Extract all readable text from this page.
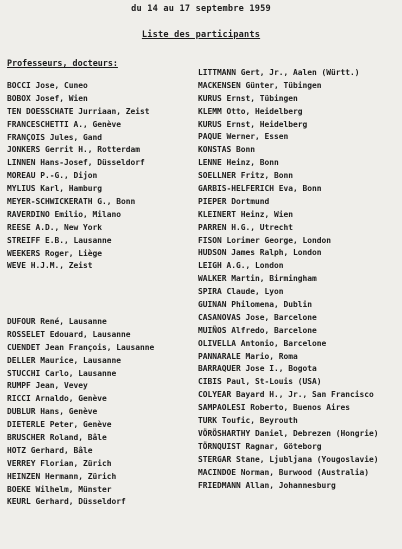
du 14 au 17 septembre 1959
Liste des participants
Professeurs, docteurs:
BOCCI Jose, Cuneo
BOBOX Josef, Wien
TEN DOESSCHATE Jurriaan, Zeist
FRANCESCHETTI A., Genève
FRANÇOIS Jules, Gand
JONKERS Gerrit H., Rotterdam
LINNEN Hans-Josef, Düsseldorf
MOREAU P.-G., Dijon
MYLIUS Karl, Hamburg
MEYER-SCHWICKERATH G., Bonn
RAVERDINO Emilio, Milano
REESE A.D., New York
STREIFF E.B., Lausanne
WEEKERS Roger, Liège
WEVE H.J.M., Zeist
DUFOUR René, Lausanne
ROSSELET Edouard, Lausanne
CUENDET Jean François, Lausanne
DELLER Maurice, Lausanne
STUCCHI Carlo, Lausanne
RUMPF Jean, Vevey
RICCI Arnaldo, Genève
DUBLUR Hans, Genève
DIETERLE Peter, Genève
BRUSCHER Roland, Bâle
HOTZ Gerhard, Bâle
VERREY Florian, Zürich
HEINZEN Hermann, Zürich
BOEKE Wilhelm, Münster
KEURL Gerhard, Düsseldorf
LITTMANN Gert, Jr., Aalen (Württ.)
MACKENSEN Günter, Tübingen
KURUS Ernst, Tübingen
KLEMM Otto, Heidelberg
KURUS Ernst, Heidelberg
PAQUE Werner, Essen
KONSTAS Bonn
LENNE Heinz, Bonn
SOELLNER Fritz, Bonn
GARBIS-HELFERICH Eva, Bonn
PIEPER Dortmund
KLEINERT Heinz, Wien
PARREN H.G., Utrecht
FISON Lorimer George, London
HUDSON James Ralph, London
LEIGH A.G., London
WALKER Martin, Birmingham
SPIRA Claude, Lyon
GUINAN Philomena, Dublin
CASANOVAS Jose, Barcelone
MUIÑOS Alfredo, Barcelone
OLIVELLA Antonio, Barcelone
PANNARALE Mario, Roma
BARRAQUER Jose I., Bogota
CIBIS Paul, St-Louis (USA)
COLYEAR Bayard H., Jr., San Francisco
SAMPAOLESI Roberto, Buenos Aires
TURK Toufic, Beyrouth
VÖRÖSHARTHY Daniel, Debrezen (Hongrie)
TÖRNQUIST Ragnar, Göteborg
STERGAR Stane, Ljubljana (Yougoslavie)
MACINDOE Norman, Burwood (Australia)
FRIEDMANN Allan, Johannesburg
